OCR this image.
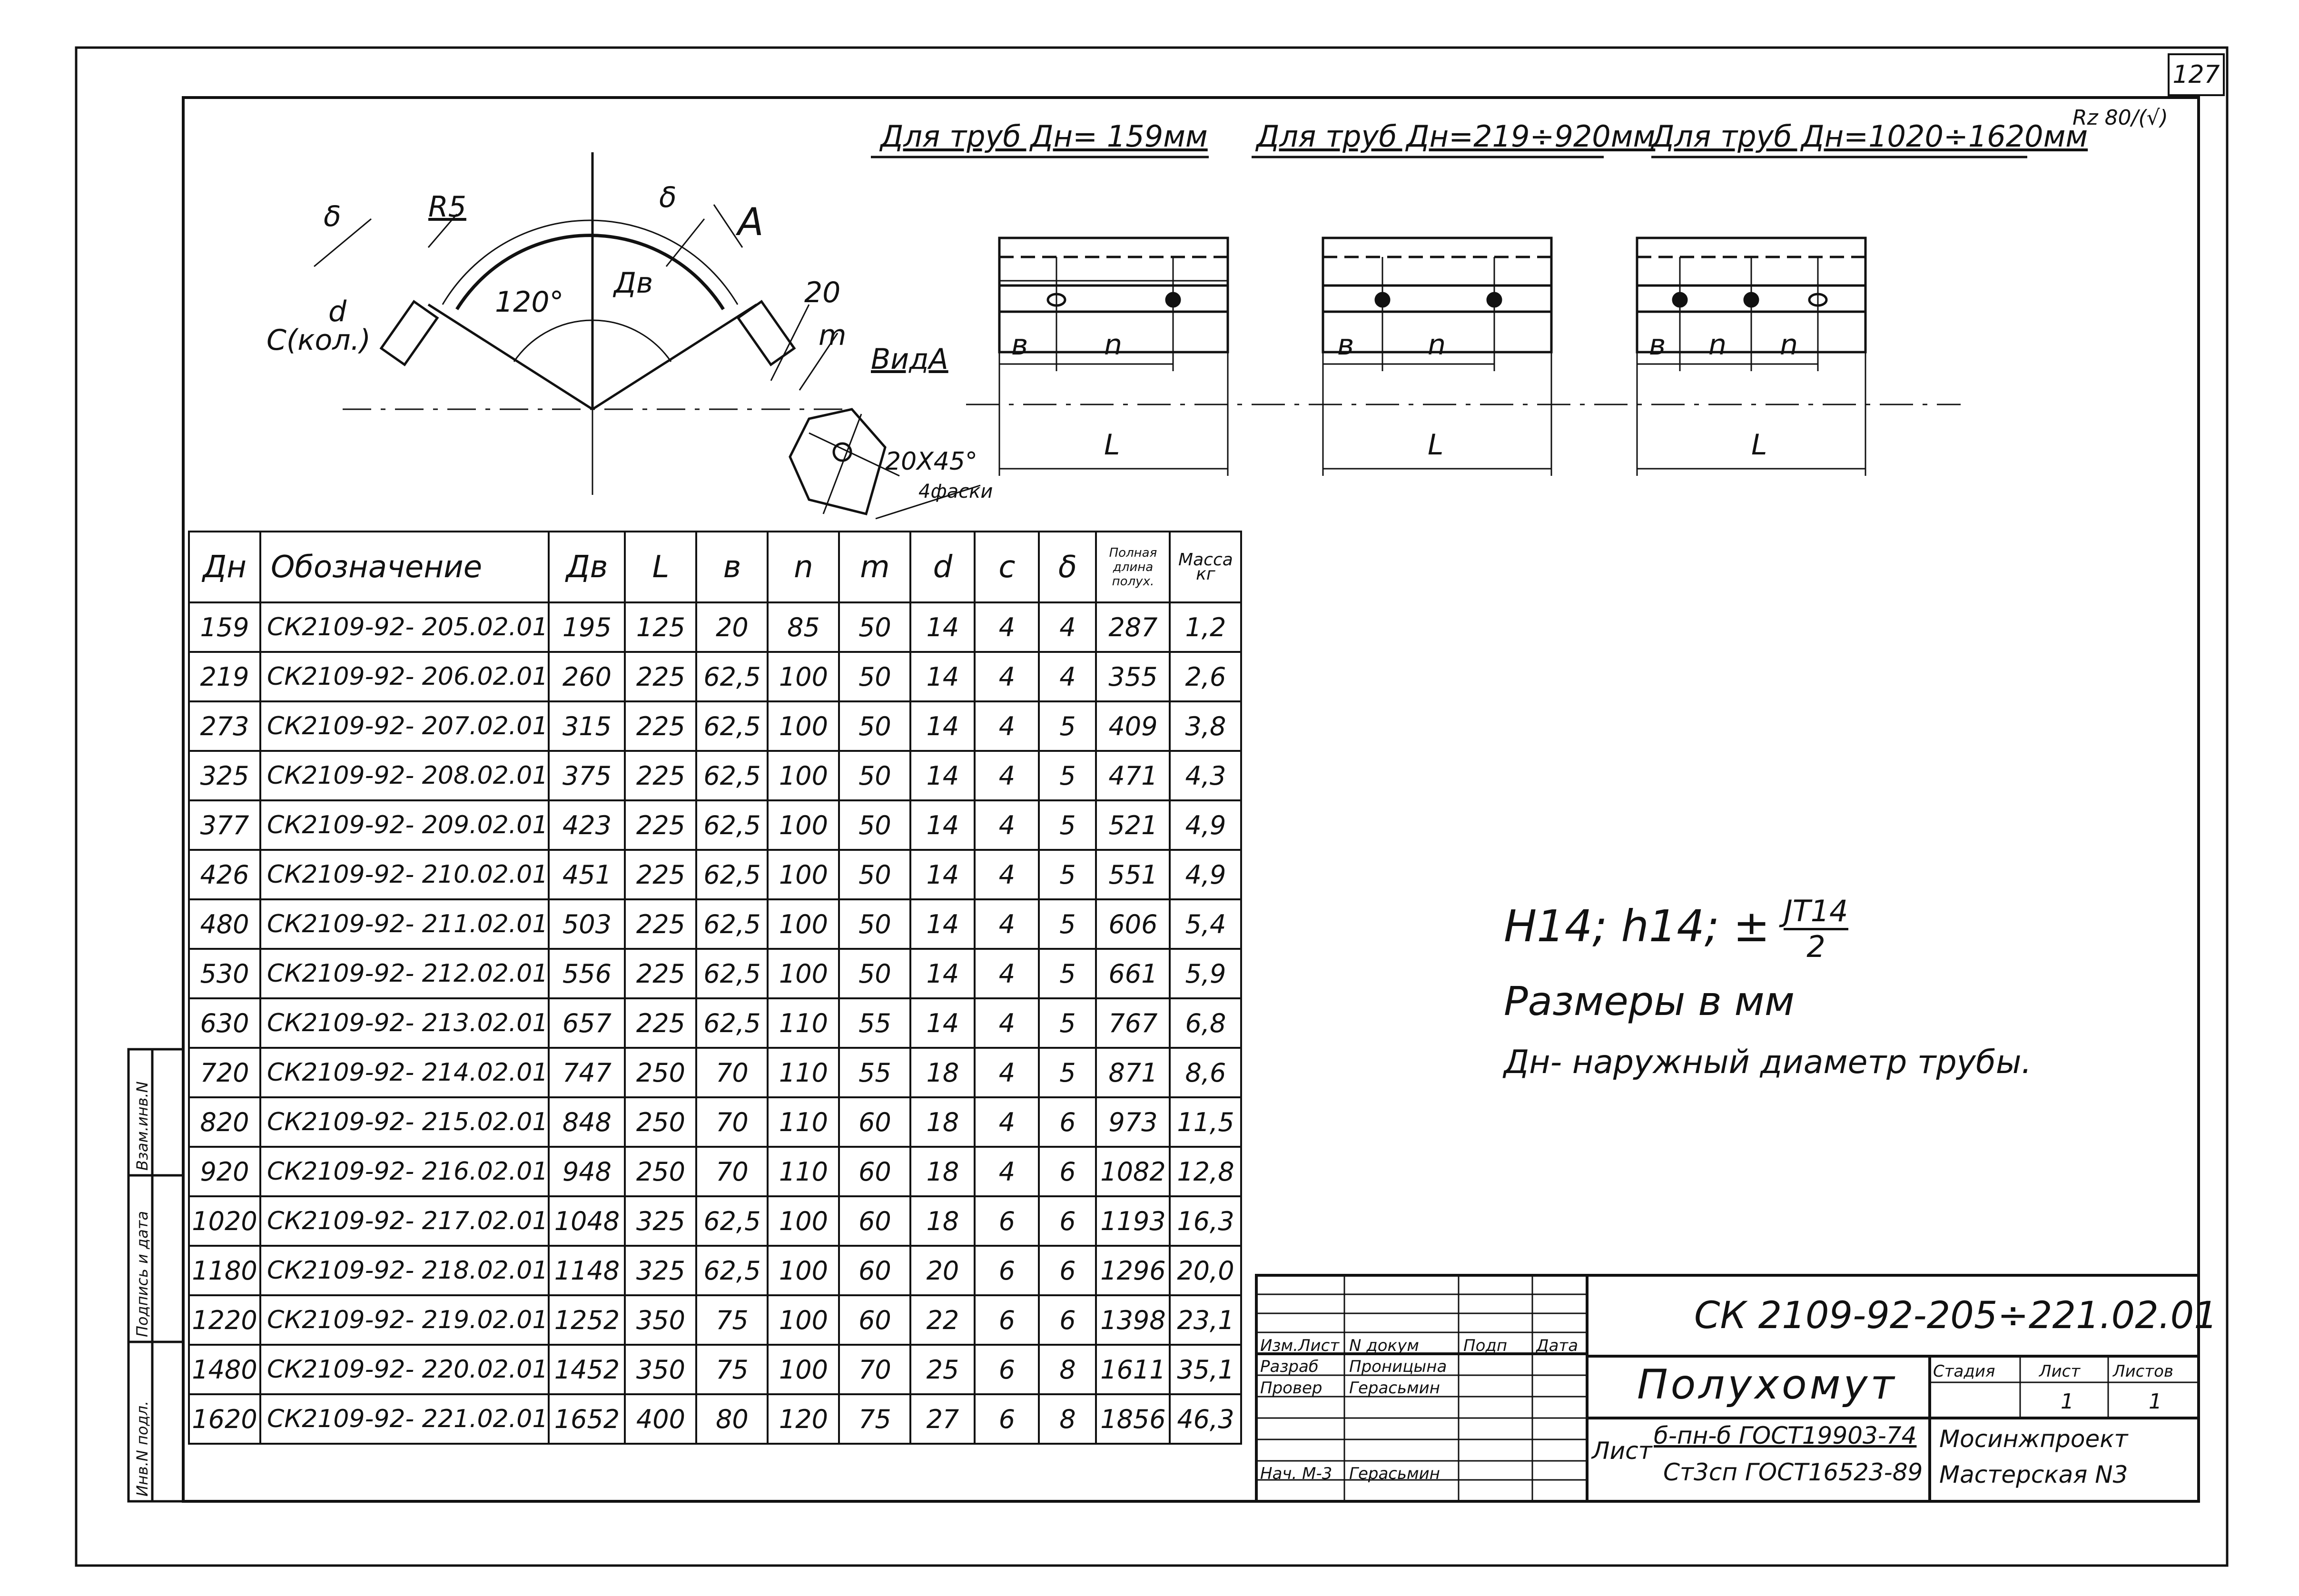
127
Rz 80/(√)
Для труб Дн= 159мм Для труб Дн=219÷920мм
Для труб Дн=1020÷1620мм
в	n
L
в	n
L
в n n
L
ВидА
δ
δ
R5	A
120°
Дв
d
C(кол.)
20
m
20Х45°
4фаски
Дн	Обозначение	Дв	L	в	n	m	d	c	δ	Полная длина полух.	Масса кг
159	СК2109-92- 205.02.01	195	125	20	85	50	14	4	4	287	1,2
219	СК2109-92- 206.02.01	260	225	62,5	100	50	14	4	4	355	2,6
273	СК2109-92- 207.02.01	315	225	62,5	100	50	14	4	5	409	3,8
325	СК2109-92- 208.02.01	375	225	62,5	100	50	14	4	5	471	4,3
377	СК2109-92- 209.02.01	423	225	62,5	100	50	14	4	5	521	4,9
426	СК2109-92- 210.02.01	451	225	62,5	100	50	14	4	5	551	4,9
480	СК2109-92- 211.02.01	503	225	62,5	100	50	14	4	5	606	5,4
530	СК2109-92- 212.02.01	556	225	62,5	100	50	14	4	5	661	5,9
630	СК2109-92- 213.02.01	657	225	62,5	110	55	14	4	5	767	6,8
720	СК2109-92- 214.02.01	747	250	70	110	55	18	4	5	871	8,6
820	СК2109-92- 215.02.01	848	250	70	110	60	18	4	6	973	11,5
920	СК2109-92- 216.02.01	948	250	70	110	60	18	4	6	1082	12,8
1020	СК2109-92- 217.02.01	1048	325	62,5	100	60	18	6	6	1193	16,3
1180	СК2109-92- 218.02.01	1148	325	62,5	100	60	20	6	6	1296	20,0
1220	СК2109-92- 219.02.01	1252	350	75	100	60	22	6	6	1398	23,1
1480	СК2109-92- 220.02.01	1452	350	75	100	70	25	6	8	1611	35,1
1620	СК2109-92- 221.02.01	1652	400	80	120	75	27	6	8	1856	46,3
Н14; h14; ± $\frac{JT14}{2}$
Размеры в мм
Дн- наружный диаметр трубы.
СК 2109-92-205÷221.02.01
Полухомут
Изм.Лист N докум	Подп Дата
Разраб Проницына
Провер Герасьмин
Нач. М-3 Герасьмин
Стадия	Лист Листов
1	1
Лист
б-пн-б ГОСТ19903-74
Ст3сп ГОСТ16523-89
Мосинжпроект
Мастерская N3
Инв.N подл.
Подпись и дата
Взам.инв.N
